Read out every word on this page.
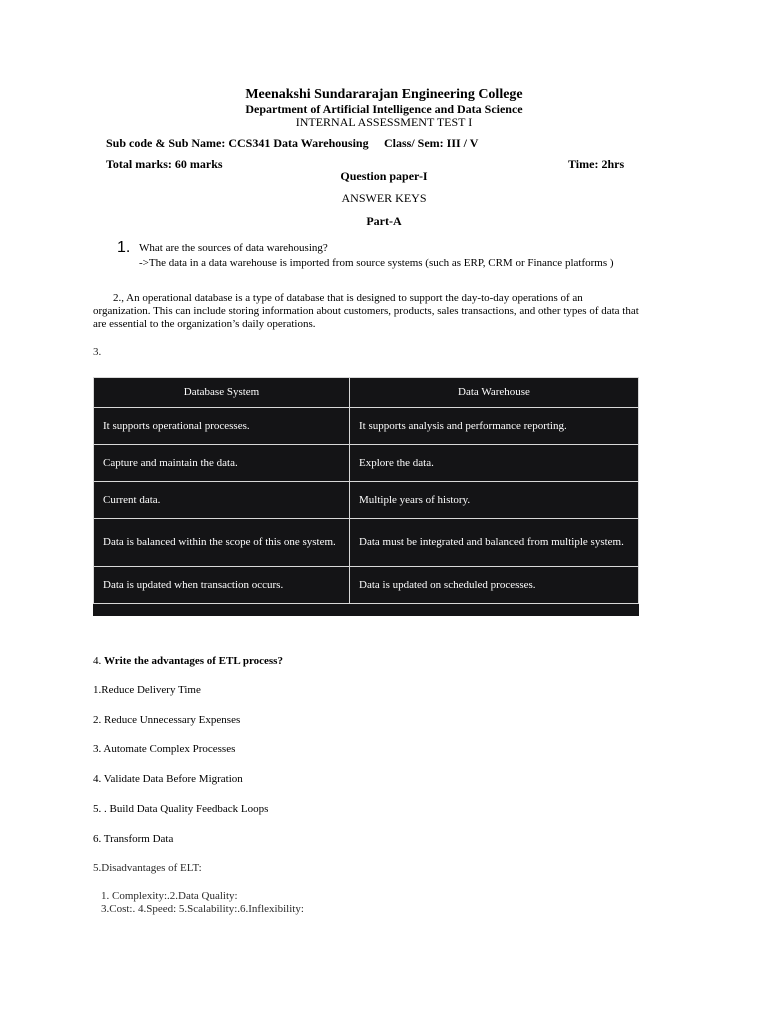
Meenakshi Sundararajan Engineering College
Department of Artificial Intelligence and Data Science
INTERNAL ASSESSMENT TEST I
Sub code & Sub Name: CCS341 Data Warehousing Class/ Sem: III / V
Total marks: 60 marks	Time: 2hrs
Question paper-I
ANSWER KEYS
Part-A
1. What are the sources of data warehousing?
->The data in a data warehouse is imported from source systems (such as ERP, CRM or Finance platforms )
2., An operational database is a type of database that is designed to support the day-to-day operations of an
organization. This can include storing information about customers, products, sales transactions, and other types of data that
are essential to the organization’s daily operations.
3.
Database System	Data Warehouse
It supports operational processes.	It supports analysis and performance reporting.
Capture and maintain the data.	Explore the data.
Current data.	Multiple years of history.
Data is balanced within the scope of this one system.	Data must be integrated and balanced from multiple system.
Data is updated when transaction occurs.	Data is updated on scheduled processes.

4. Write the advantages of ETL process?
1.Reduce Delivery Time
2. Reduce Unnecessary Expenses
3. Automate Complex Processes
4. Validate Data Before Migration
5. . Build Data Quality Feedback Loops
6. Transform Data
5.Disadvantages of ELT:
1. Complexity:.2.Data Quality:
3.Cost:. 4.Speed: 5.Scalability:.6.Inflexibility:
